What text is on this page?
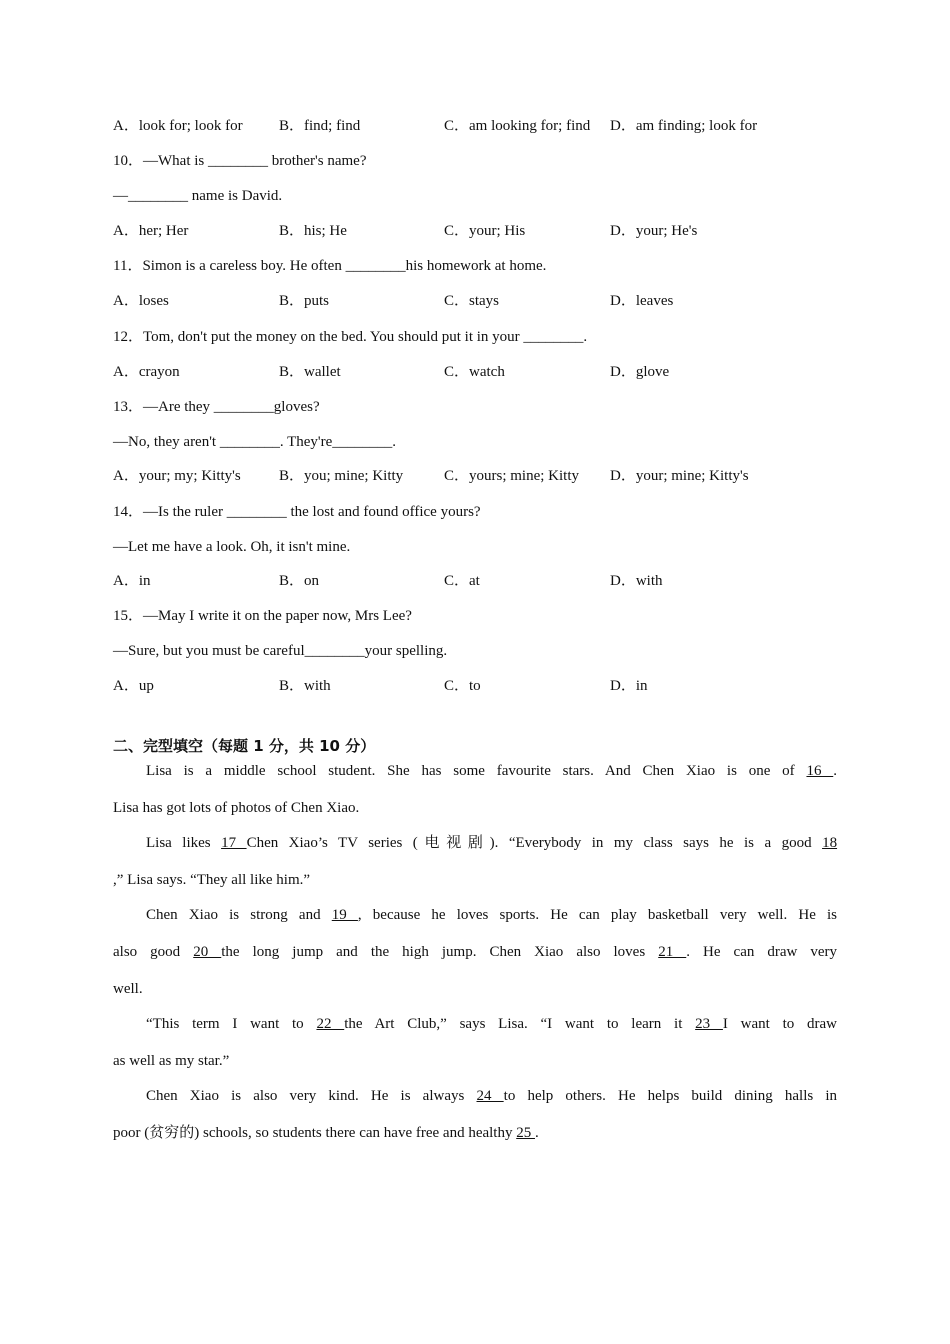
A．look for; look for B．find; find	C．am looking for; find D．am finding; look for
10．—What is ________ brother's name?
—________ name is David.
A．her; Her	B．his; He	C．your; His	D．your; He's
11．Simon is a careless boy. He often ________his homework at home.
A．loses	B．puts	C．stays	D．leaves
12．Tom, don't put the money on the bed. You should put it in your ________.
A．crayon	B．wallet	C．watch	D．glove
13．—Are they ________gloves?
—No, they aren't ________. They're________.
A．your; my; Kitty's	B．you; mine; Kitty	C．yours; mine; Kitty D．your; mine; Kitty's
14．—Is the ruler ________ the lost and found office yours?
—Let me have a look. Oh, it isn't mine.
A．in	B．on	C．at	D．with
15．—May I write it on the paper now, Mrs Lee?
—Sure, but you must be careful________your spelling.
A．up	B．with	C．to	D．in
二、完型填空（每题 1 分，共 10 分）
Lisa is a middle school student. She has some favourite stars. And Chen Xiao is one of 16 .
Lisa has got lots of photos of Chen Xiao.
Lisa likes 17 Chen Xiao’s TV series (电视剧). “Everybody in my class says he is a good 18
,” Lisa says. “They all like him.”
Chen Xiao is strong and 19 , because he loves sports. He can play basketball very well. He is
also good 20 the long jump and the high jump. Chen Xiao also loves 21 . He can draw very
well.
“This term I want to 22 the Art Club,” says Lisa. “I want to learn it 23 I want to draw
as well as my star.”
Chen Xiao is also very kind. He is always 24 to help others. He helps build dining halls in
poor (贫穷的) schools, so students there can have free and healthy 25 .
